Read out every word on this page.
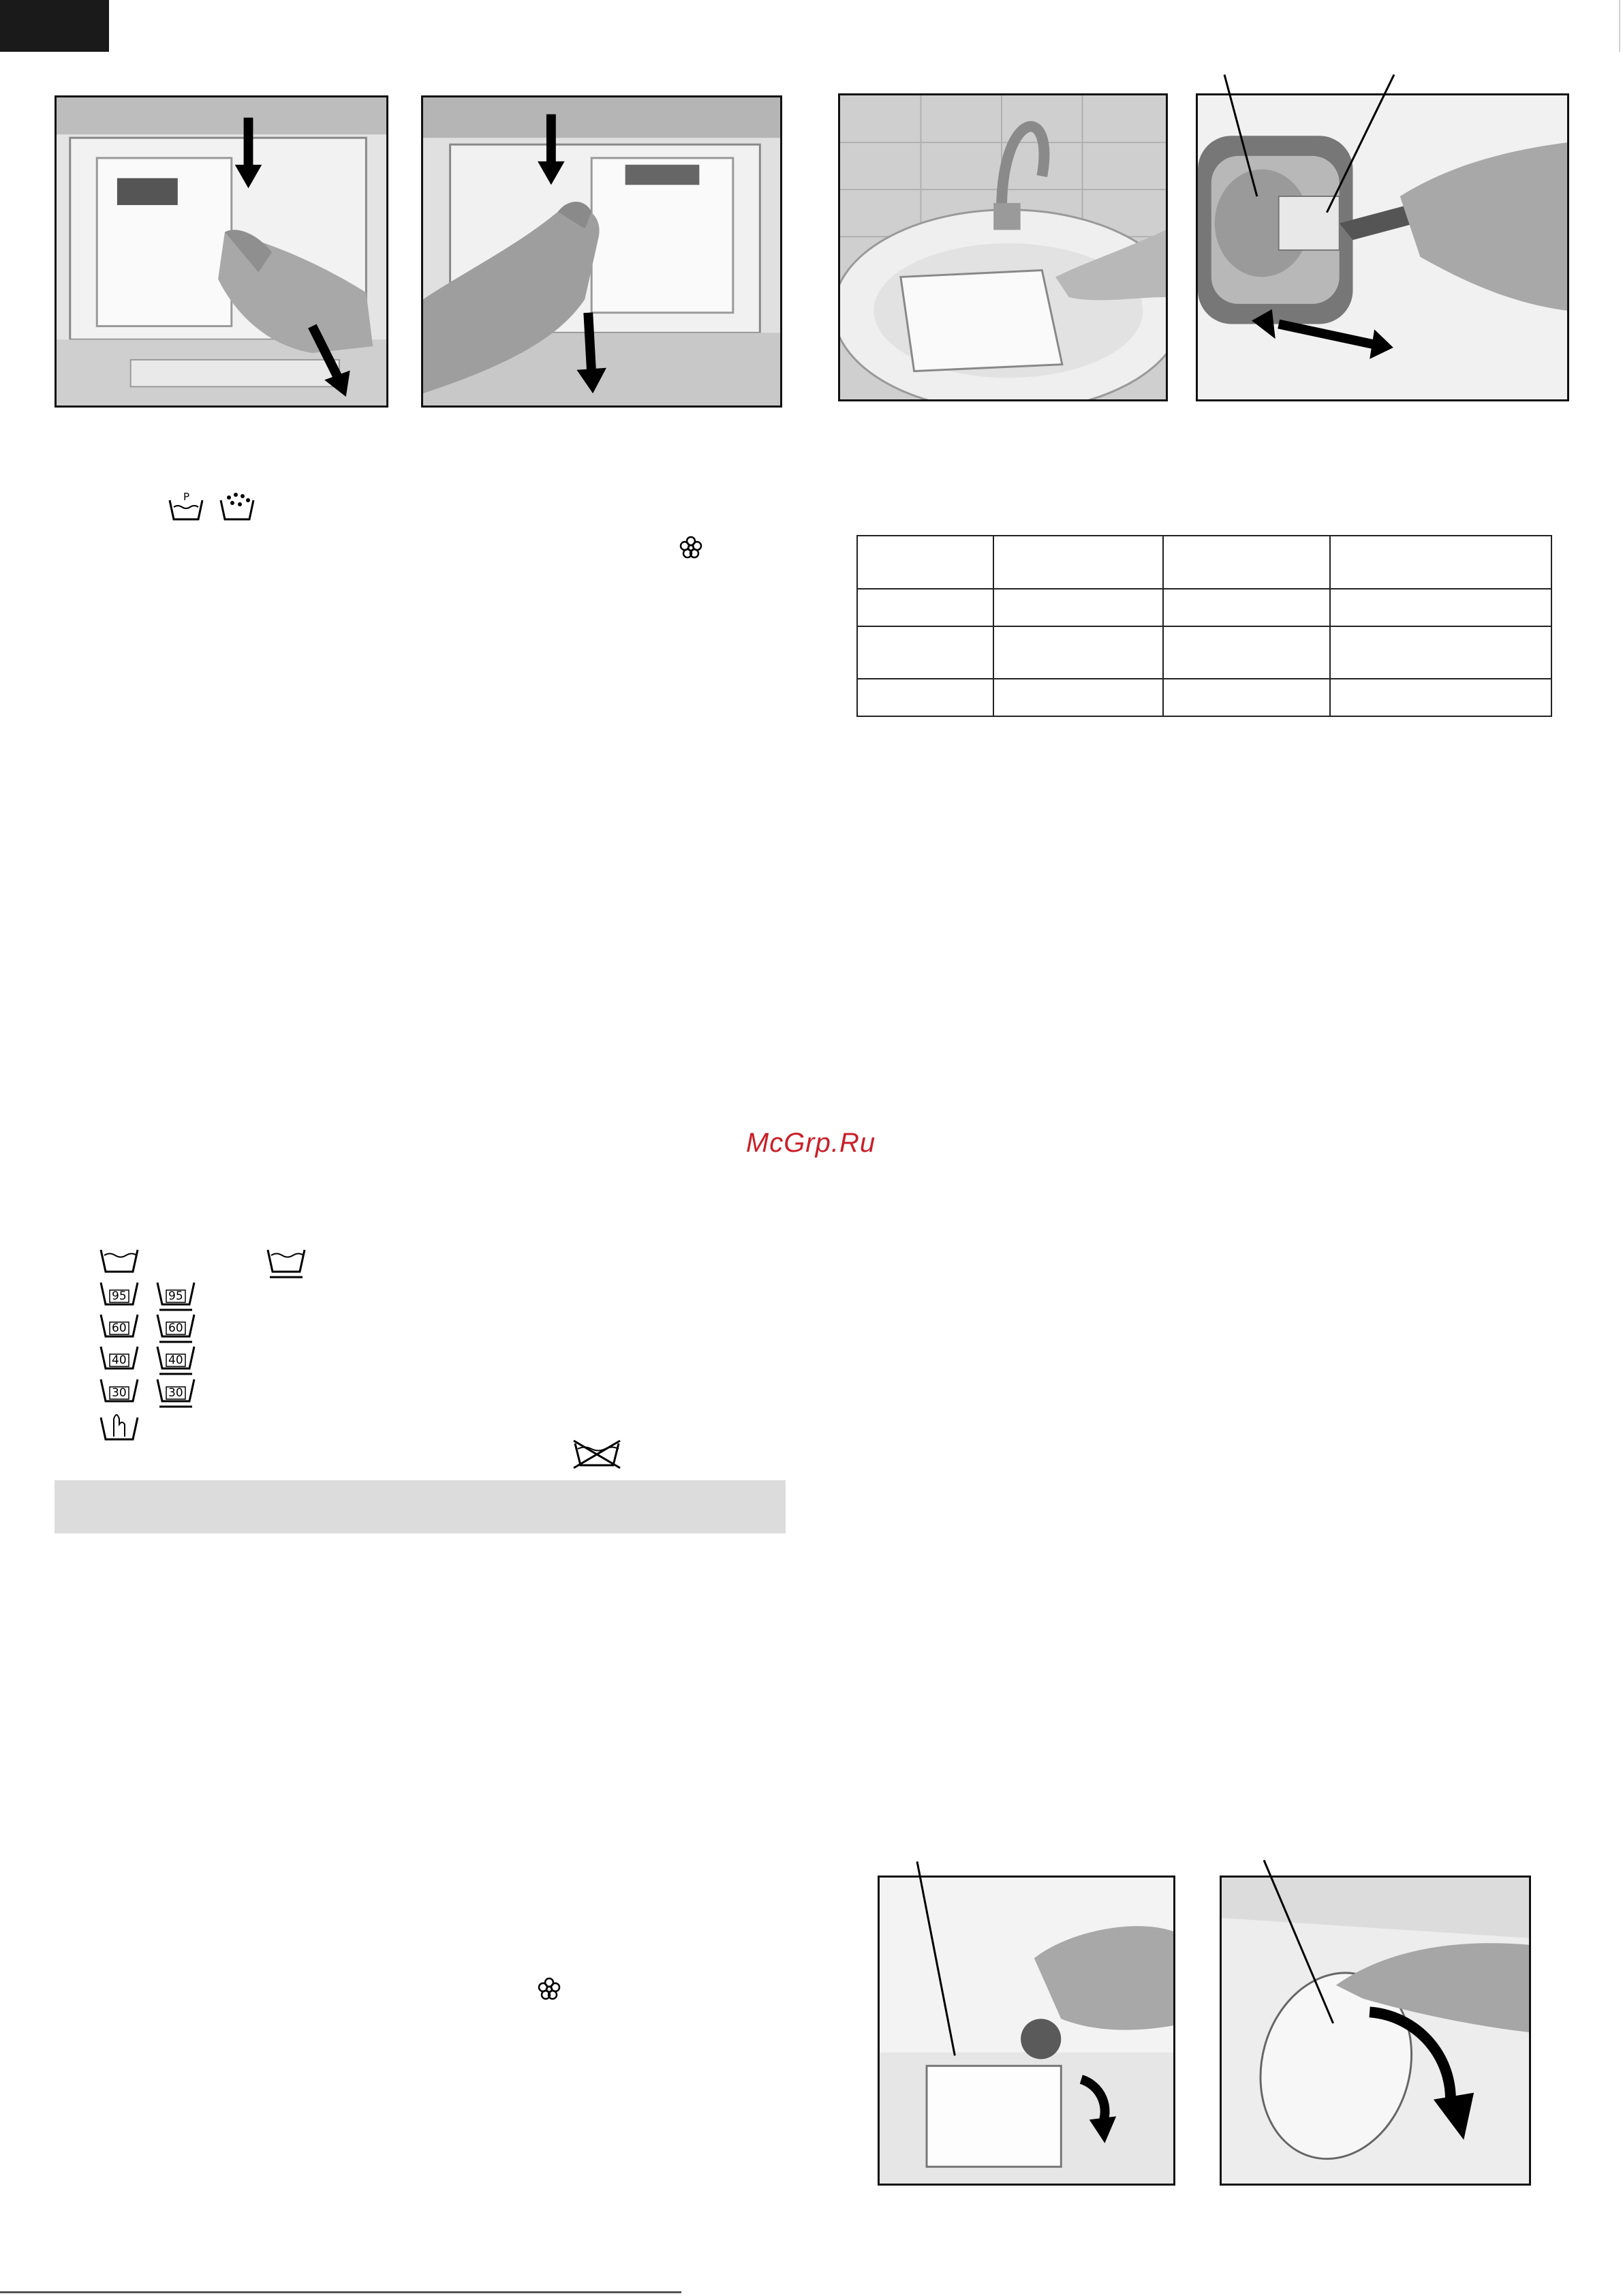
P

McGrp.Ru
95	95
60	60
40	40
30	30
